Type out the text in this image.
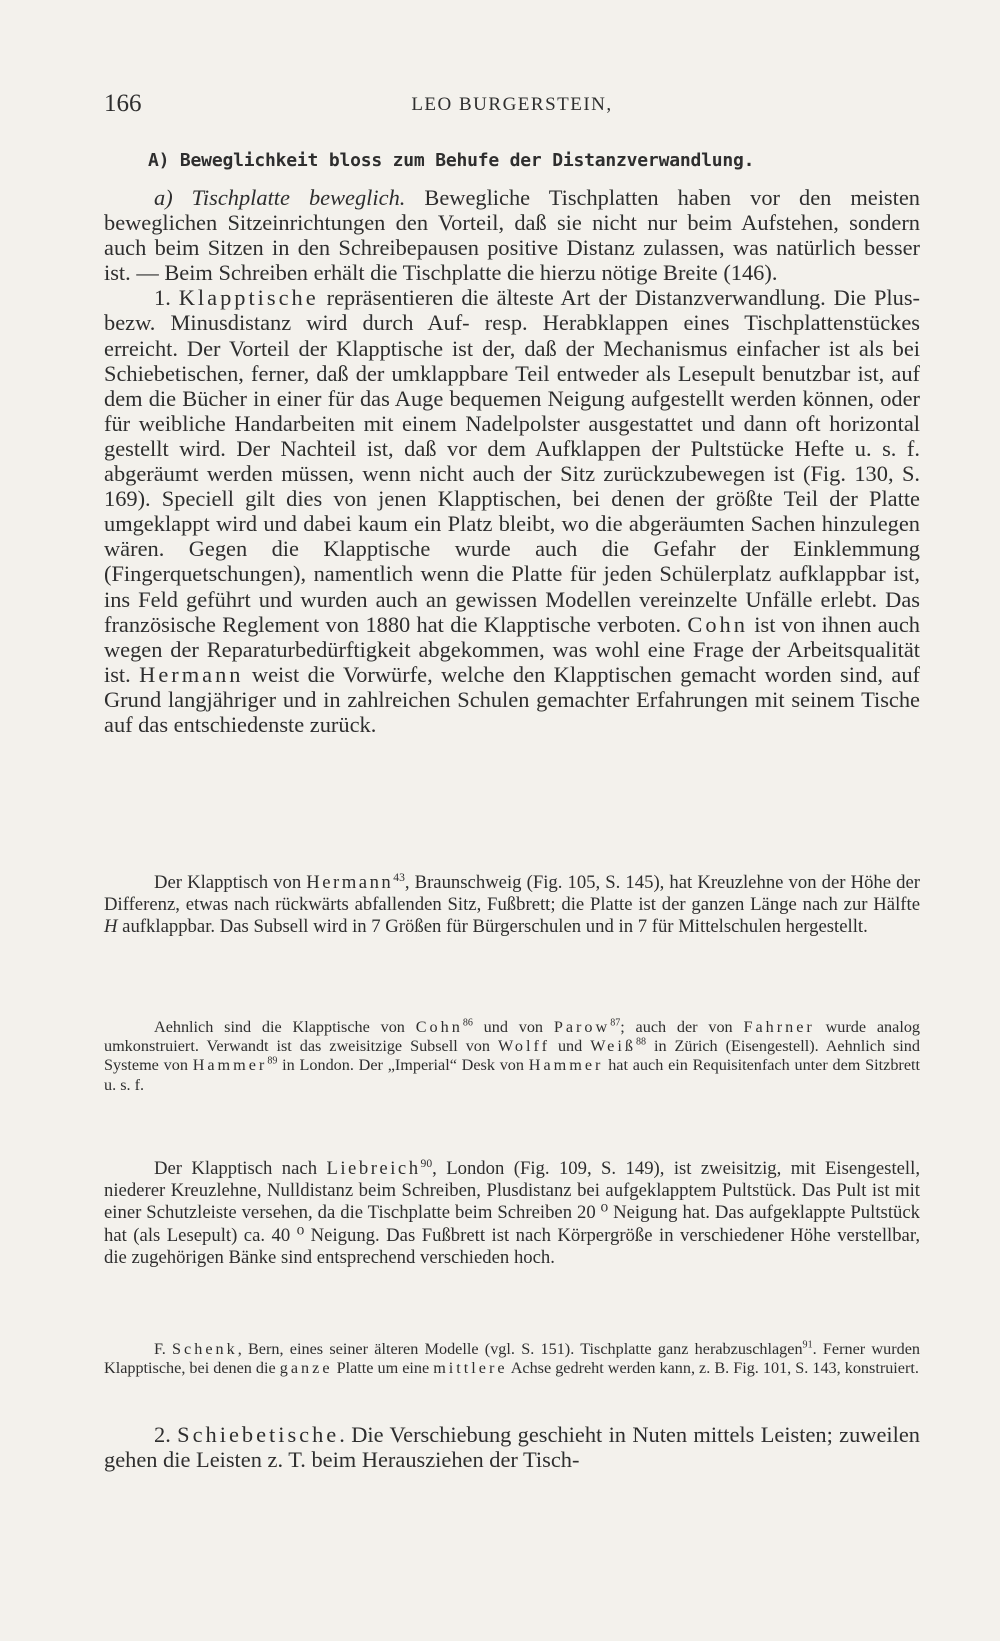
166	LEO BURGERSTEIN,
A) Beweglichkeit bloss zum Behufe der Distanzverwandlung.

a) Tischplatte beweglich. Bewegliche Tischplatten haben vor den meisten beweglichen Sitzeinrichtungen den Vorteil, daß sie nicht nur beim Aufstehen, sondern auch beim Sitzen in den Schreibepausen positive Distanz zulassen, was natürlich besser ist. — Beim Schreiben erhält die Tischplatte die hierzu nötige Breite (146).

1. Klapptische repräsentieren die älteste Art der Distanzverwandlung. Die Plus- bezw. Minusdistanz wird durch Auf- resp. Herabklappen eines Tischplattenstückes erreicht. Der Vorteil der Klapptische ist der, daß der Mechanismus einfacher ist als bei Schiebetischen, ferner, daß der umklappbare Teil entweder als Lesepult benutzbar ist, auf dem die Bücher in einer für das Auge bequemen Neigung aufgestellt werden können, oder für weibliche Handarbeiten mit einem Nadelpolster ausgestattet und dann oft horizontal gestellt wird. Der Nachteil ist, daß vor dem Aufklappen der Pultstücke Hefte u. s. f. abgeräumt werden müssen, wenn nicht auch der Sitz zurückzubewegen ist (Fig. 130, S. 169). Speciell gilt dies von jenen Klapptischen, bei denen der größte Teil der Platte umgeklappt wird und dabei kaum ein Platz bleibt, wo die abgeräumten Sachen hinzulegen wären. Gegen die Klapptische wurde auch die Gefahr der Einklemmung (Fingerquetschungen), namentlich wenn die Platte für jeden Schülerplatz aufklappbar ist, ins Feld geführt und wurden auch an gewissen Modellen vereinzelte Unfälle erlebt. Das französische Reglement von 1880 hat die Klapptische verboten. Cohn ist von ihnen auch wegen der Reparaturbedürftigkeit abgekommen, was wohl eine Frage der Arbeitsqualität ist. Hermann weist die Vorwürfe, welche den Klapptischen gemacht worden sind, auf Grund langjähriger und in zahlreichen Schulen gemachter Erfahrungen mit seinem Tische auf das entschiedenste zurück.

Der Klapptisch von Hermann$^{43}$, Braunschweig (Fig. 105, S. 145), hat Kreuzlehne von der Höhe der Differenz, etwas nach rückwärts abfallenden Sitz, Fußbrett; die Platte ist der ganzen Länge nach zur Hälfte H aufklappbar. Das Subsell wird in 7 Größen für Bürgerschulen und in 7 für Mittelschulen hergestellt.

Aehnlich sind die Klapptische von Cohn$^{86}$ und von Parow$^{87}$; auch der von Fahrner wurde analog umkonstruiert. Verwandt ist das zweisitzige Subsell von Wolff und Weiß$^{88}$ in Zürich (Eisengestell). Aehnlich sind Systeme von Hammer$^{89}$ in London. Der „Imperial“ Desk von Hammer hat auch ein Requisitenfach unter dem Sitzbrett u. s. f.

Der Klapptisch nach Liebreich$^{90}$, London (Fig. 109, S. 149), ist zweisitzig, mit Eisengestell, niederer Kreuzlehne, Nulldistanz beim Schreiben, Plusdistanz bei aufgeklapptem Pultstück. Das Pult ist mit einer Schutzleiste versehen, da die Tischplatte beim Schreiben 20 ⁰ Neigung hat. Das aufgeklappte Pultstück hat (als Lesepult) ca. 40 ⁰ Neigung. Das Fußbrett ist nach Körpergröße in verschiedener Höhe verstellbar, die zugehörigen Bänke sind entsprechend verschieden hoch.

F. Schenk, Bern, eines seiner älteren Modelle (vgl. S. 151). Tischplatte ganz herabzuschlagen$^{91}$. Ferner wurden Klapptische, bei denen die ganze Platte um eine mittlere Achse gedreht werden kann, z. B. Fig. 101, S. 143, konstruiert.

2. Schiebetische. Die Verschiebung geschieht in Nuten mittels Leisten; zuweilen gehen die Leisten z. T. beim Herausziehen der Tisch-
